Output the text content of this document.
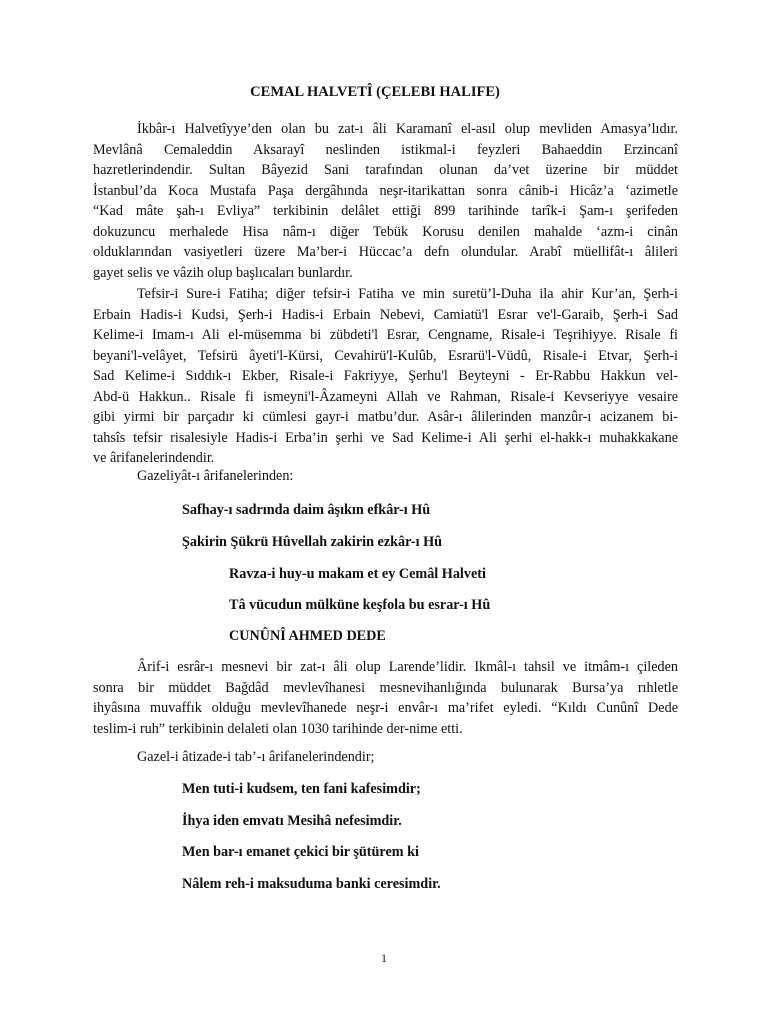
CEMAL HALVETÎ (ÇELEBI HALIFE)
İkbâr-ı Halvetîyye’den olan bu zat-ı âli Karamanî el-asıl olup mevliden Amasya’lıdır.
Mevlânâ Cemaleddin Aksarayî neslinden istikmal-i feyzleri Bahaeddin Erzincanî
hazretlerindendir. Sultan Bâyezid Sani tarafından olunan da’vet üzerine bir müddet
İstanbul’da Koca Mustafa Paşa dergâhında neşr-itarikattan sonra cânib-i Hicâz’a ‘azimetle
“Kad mâte şah-ı Evliya” terkibinin delâlet ettiği 899 tarihinde tarîk-i Şam-ı şerifeden
dokuzuncu merhalede Hisa nâm-ı diğer Tebük Korusu denilen mahalde ‘azm-i cinân
olduklarından vasiyetleri üzere Ma’ber-i Hüccac’a defn olundular. Arabî müellifât-ı âlileri
gayet selis ve vâzih olup başlıcaları bunlardır.
Tefsir-i Sure-i Fatiha; diğer tefsir-i Fatiha ve min suretü’l-Duha ila ahir Kur’an, Şerh-i
Erbain Hadis-i Kudsi, Şerh-i Hadis-i Erbain Nebevi, Camiatü'l Esrar ve'l-Garaib, Şerh-i Sad
Kelime-i Imam-ı Ali el-müsemma bi zübdeti'l Esrar, Cengname, Risale-i Teşrihiyye. Risale fi
beyani'l-velâyet, Tefsirü âyeti'l-Kürsi, Cevahirü'l-Kulûb, Esrarü'l-Vüdû, Risale-i Etvar, Şerh-i
Sad Kelime-i Sıddık-ı Ekber, Risale-i Fakriyye, Şerhu'l Beyteyni - Er-Rabbu Hakkun vel-
Abd-ü Hakkun.. Risale fi ismeyni'l-Âzameyni Allah ve Rahman, Risale-i Kevseriyye vesaire
gibi yirmi bir parçadır ki cümlesi gayr-i matbu’dur. Asâr-ı âlilerinden manzûr-ı acizanem bi-
tahsîs tefsir risalesiyle Hadis-i Erba’in şerhi ve Sad Kelime-i Ali şerhi el-hakk-ı muhakkakane
ve ârifanelerindendir.

Gazeliyât-ı ârifanelerinden:

Safhay-ı sadrında daim âşıkın efkâr-ı Hû

Şakirin Şükrü Hûvellah zakirin ezkâr-ı Hû

Ravza-i huy-u makam et ey Cemâl Halveti

Tâ vücudun mülküne keşfola bu esrar-ı Hû

CUNÛNÎ AHMED DEDE

Ârif-i esrâr-ı mesnevi bir zat-ı âli olup Larende’lidir. Ikmâl-ı tahsil ve itmâm-ı çileden
sonra bir müddet Bağdâd mevlevîhanesi mesnevihanlığında bulunarak Bursa’ya rıhletle
ihyâsına muvaffık olduğu mevlevîhanede neşr-i envâr-ı ma’rifet eyledi. “Kıldı Cunûnî Dede
teslim-i ruh” terkibinin delaleti olan 1030 tarihinde der-nime etti.

Gazel-i âtizade-i tab’-ı ârifanelerindendir;

Men tuti-i kudsem, ten fani kafesimdir;

İhya iden emvatı Mesihâ nefesimdir.

Men bar-ı emanet çekici bir şütürem ki

Nâlem reh-i maksuduma banki ceresimdir.

1
